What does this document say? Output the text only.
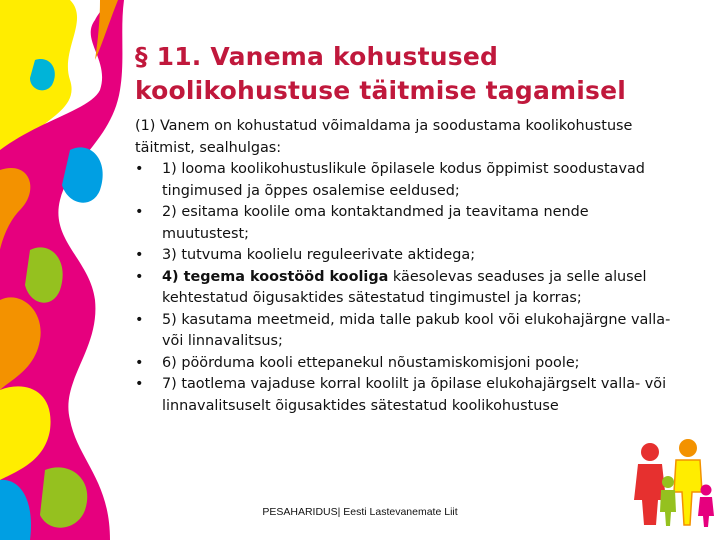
§ 11. Vanema kohustused
koolikohustuse täitmise tagamisel
(1) Vanem on kohustatud võimaldama ja soodustama koolikohustuse täitmist, sealhulgas:
• 1) looma koolikohustuslikule õpilasele kodus õppimist soodustavad tingimused ja õppes osalemise eeldused;
• 2) esitama koolile oma kontaktandmed ja teavitama nende muutustest;
• 3) tutvuma koolielu reguleerivate aktidega;
• 4) tegema koostööd kooliga käesolevas seaduses ja selle alusel kehtestatud õigusaktides sätestatud tingimustel ja korras;
• 5) kasutama meetmeid, mida talle pakub kool või elukohajärgne valla- või linnavalitsus;
• 6) pöörduma kooli ettepanekul nõustamiskomisjoni poole;
• 7) taotlema vajaduse korral koolilt ja õpilase elukohajärgselt valla- või linnavalitsuselt õigusaktides sätestatud koolikohustuse
PESAHARIDUS| Eesti Lastevanemate Liit
